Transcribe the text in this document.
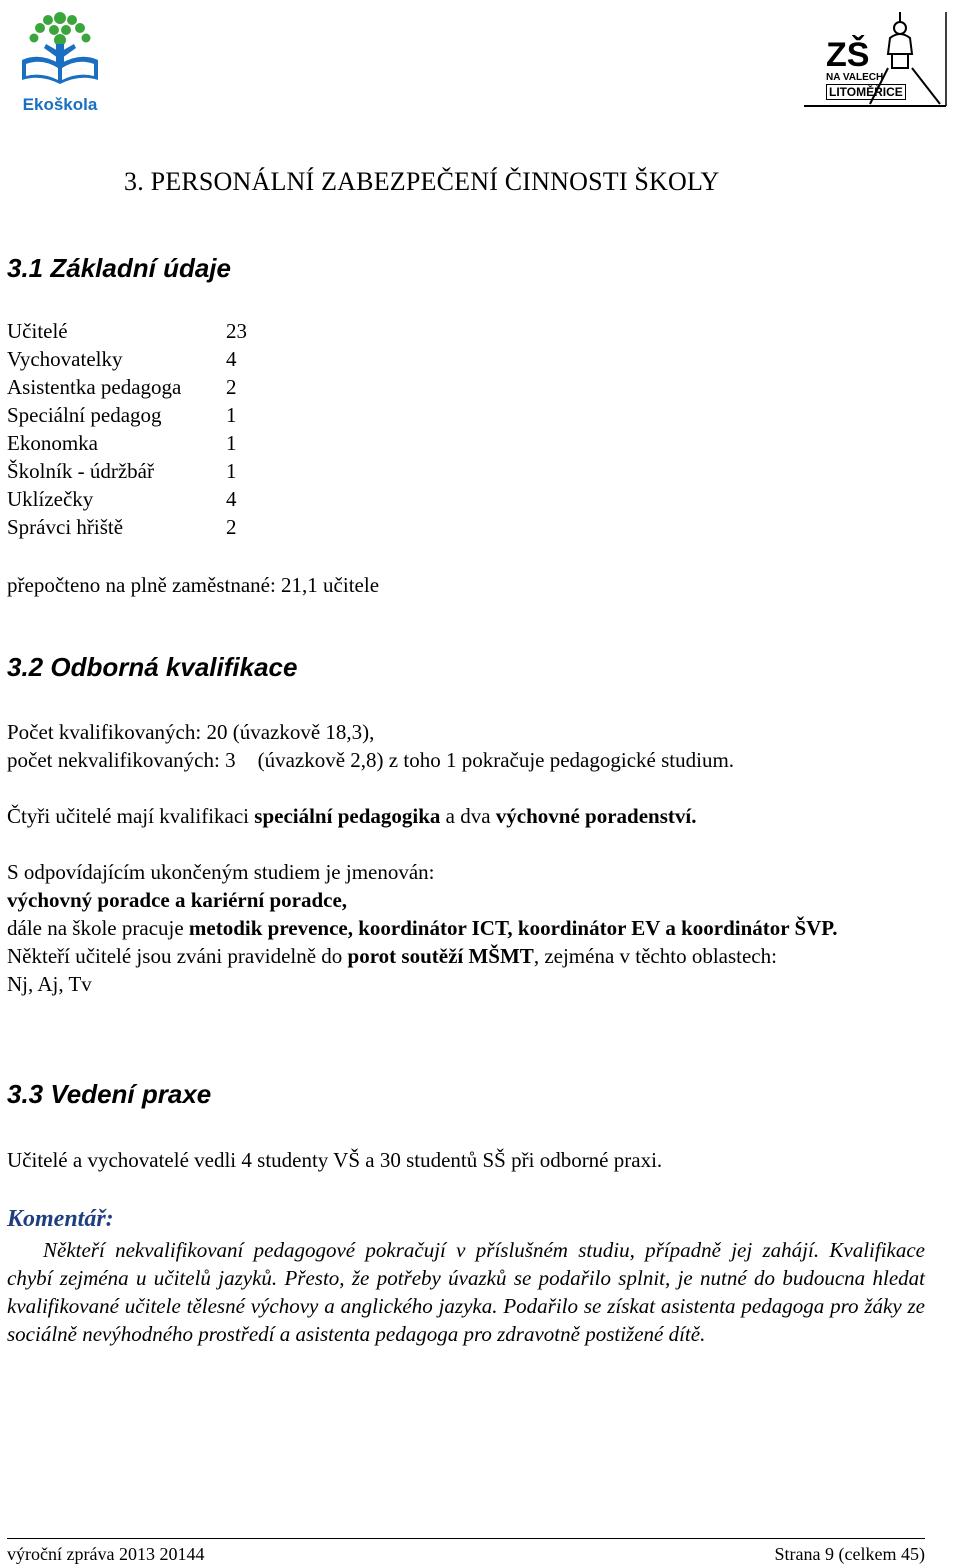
Ekoškola
ZŠ
NA VALECH
LITOMĚŘICE
3. PERSONÁLNÍ ZABEZPEČENÍ ČINNOSTI ŠKOLY
3.1 Základní údaje
Učitelé	23
Vychovatelky	4
Asistentka pedagoga 2
Speciální pedagog	1
Ekonomka	1
Školník - údržbář	1
Uklízečky	4
Správci hřiště	2
přepočteno na plně zaměstnané: 21,1 učitele
3.2 Odborná kvalifikace
Počet kvalifikovaných: 20 (úvazkově 18,3),
počet nekvalifikovaných: 3 (úvazkově 2,8) z toho 1 pokračuje pedagogické studium.
Čtyři učitelé mají kvalifikaci speciální pedagogika a dva výchovné poradenství.
S odpovídajícím ukončeným studiem je jmenován:
výchovný poradce a kariérní poradce,
dále na škole pracuje metodik prevence, koordinátor ICT, koordinátor EV a koordinátor ŠVP.
Někteří učitelé jsou zváni pravidelně do porot soutěží MŠMT, zejména v těchto oblastech:
Nj, Aj, Tv
3.3 Vedení praxe
Učitelé a vychovatelé vedli 4 studenty VŠ a 30 studentů SŠ při odborné praxi.
Komentář:
Někteří nekvalifikovaní pedagogové pokračují v příslušném studiu, případně jej zahájí. Kvalifikace chybí zejména u učitelů jazyků. Přesto, že potřeby úvazků se podařilo splnit, je nutné do budoucna hledat kvalifikované učitele tělesné výchovy a anglického jazyka. Podařilo se získat asistenta pedagoga pro žáky ze sociálně nevýhodného prostředí a asistenta pedagoga pro zdravotně postižené dítě.
výroční zpráva 2013 20144	Strana 9 (celkem 45)
